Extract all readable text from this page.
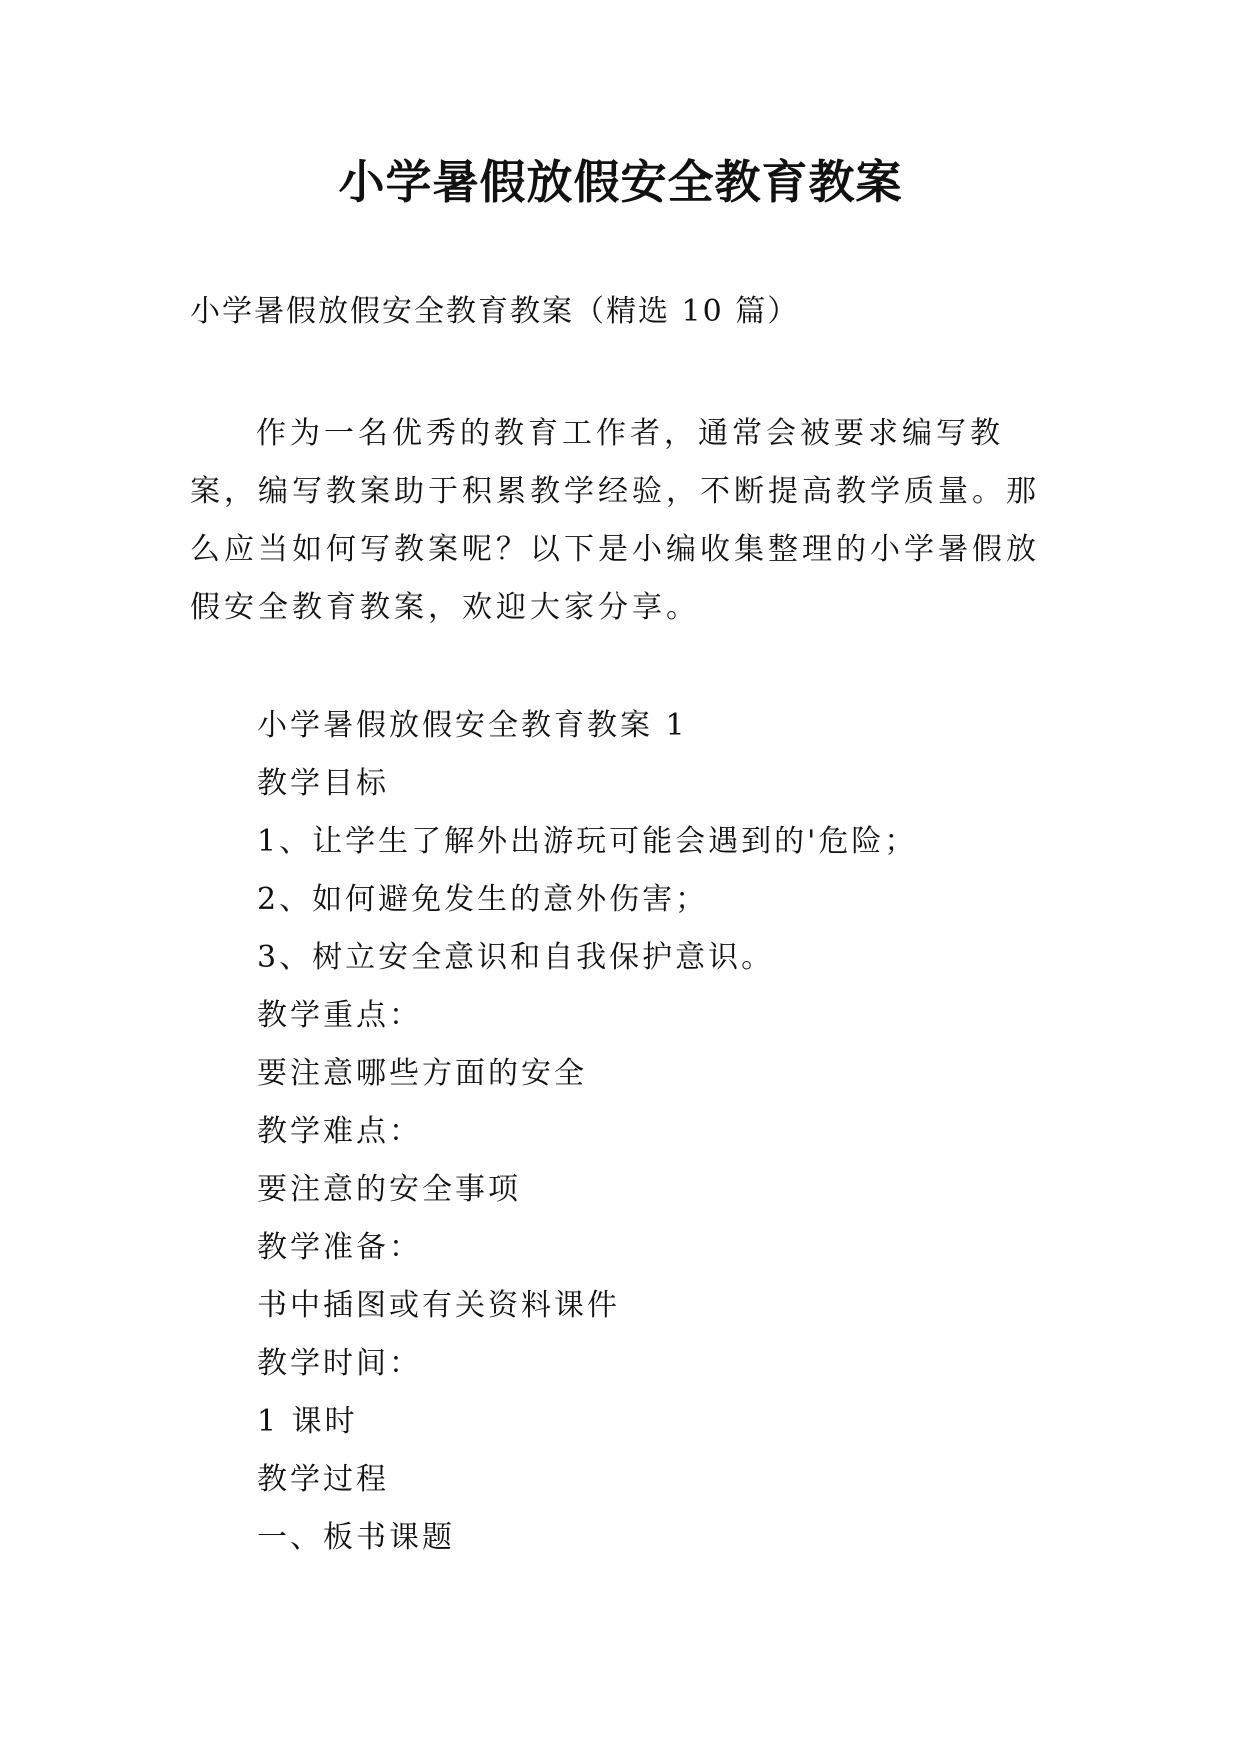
小学暑假放假安全教育教案
小学暑假放假安全教育教案（精选 10 篇）

作为一名优秀的教育工作者，通常会被要求编写教案，编写教案助于积累教学经验，不断提高教学质量。那么应当如何写教案呢？以下是小编收集整理的小学暑假放假安全教育教案，欢迎大家分享。

小学暑假放假安全教育教案 1
教学目标
1、让学生了解外出游玩可能会遇到的'危险；
2、如何避免发生的意外伤害；
3、树立安全意识和自我保护意识。
教学重点：
要注意哪些方面的安全
教学难点：
要注意的安全事项
教学准备：
书中插图或有关资料课件
教学时间：
1 课时
教学过程
一、板书课题
